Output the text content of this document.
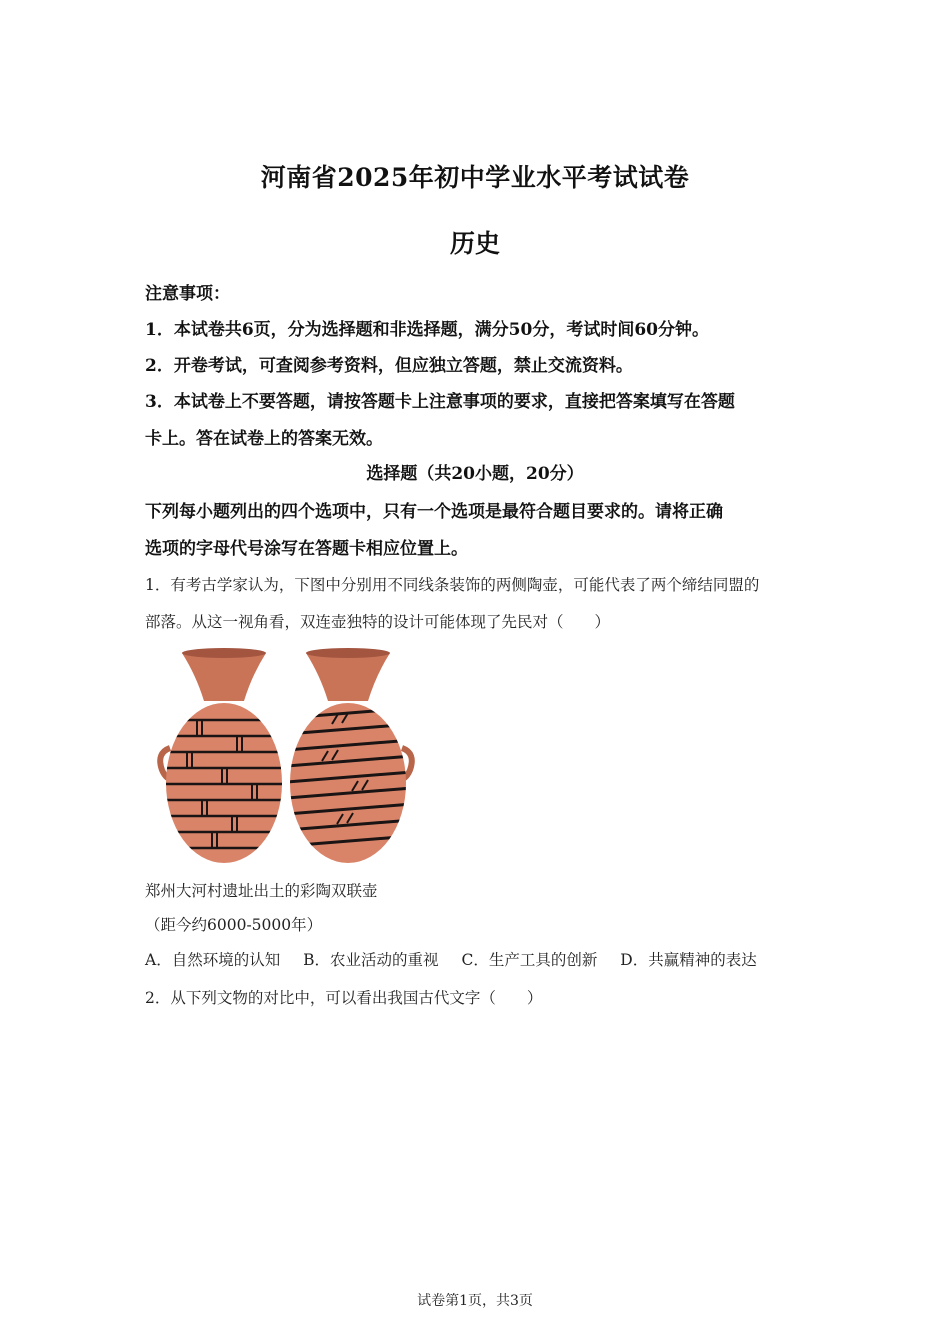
河南省2025年初中学业水平考试试卷
历史
注意事项：
1．本试卷共6页，分为选择题和非选择题，满分50分，考试时间60分钟。
2．开卷考试，可查阅参考资料，但应独立答题，禁止交流资料。
3．本试卷上不要答题，请按答题卡上注意事项的要求，直接把答案填写在答题
卡上。答在试卷上的答案无效。
选择题（共20小题，20分）
下列每小题列出的四个选项中，只有一个选项是最符合题目要求的。请将正确
选项的字母代号涂写在答题卡相应位置上。
1．有考古学家认为，下图中分别用不同线条装饰的两侧陶壶，可能代表了两个缔结同盟的
部落。从这一视角看，双连壶独特的设计可能体现了先民对（　　）
郑州大河村遗址出土的彩陶双联壶
（距今约6000-5000年）
A．自然环境的认知 B．农业活动的重视 C．生产工具的创新 D．共赢精神的表达
2．从下列文物的对比中，可以看出我国古代文字（　　）
试卷第1页，共3页
